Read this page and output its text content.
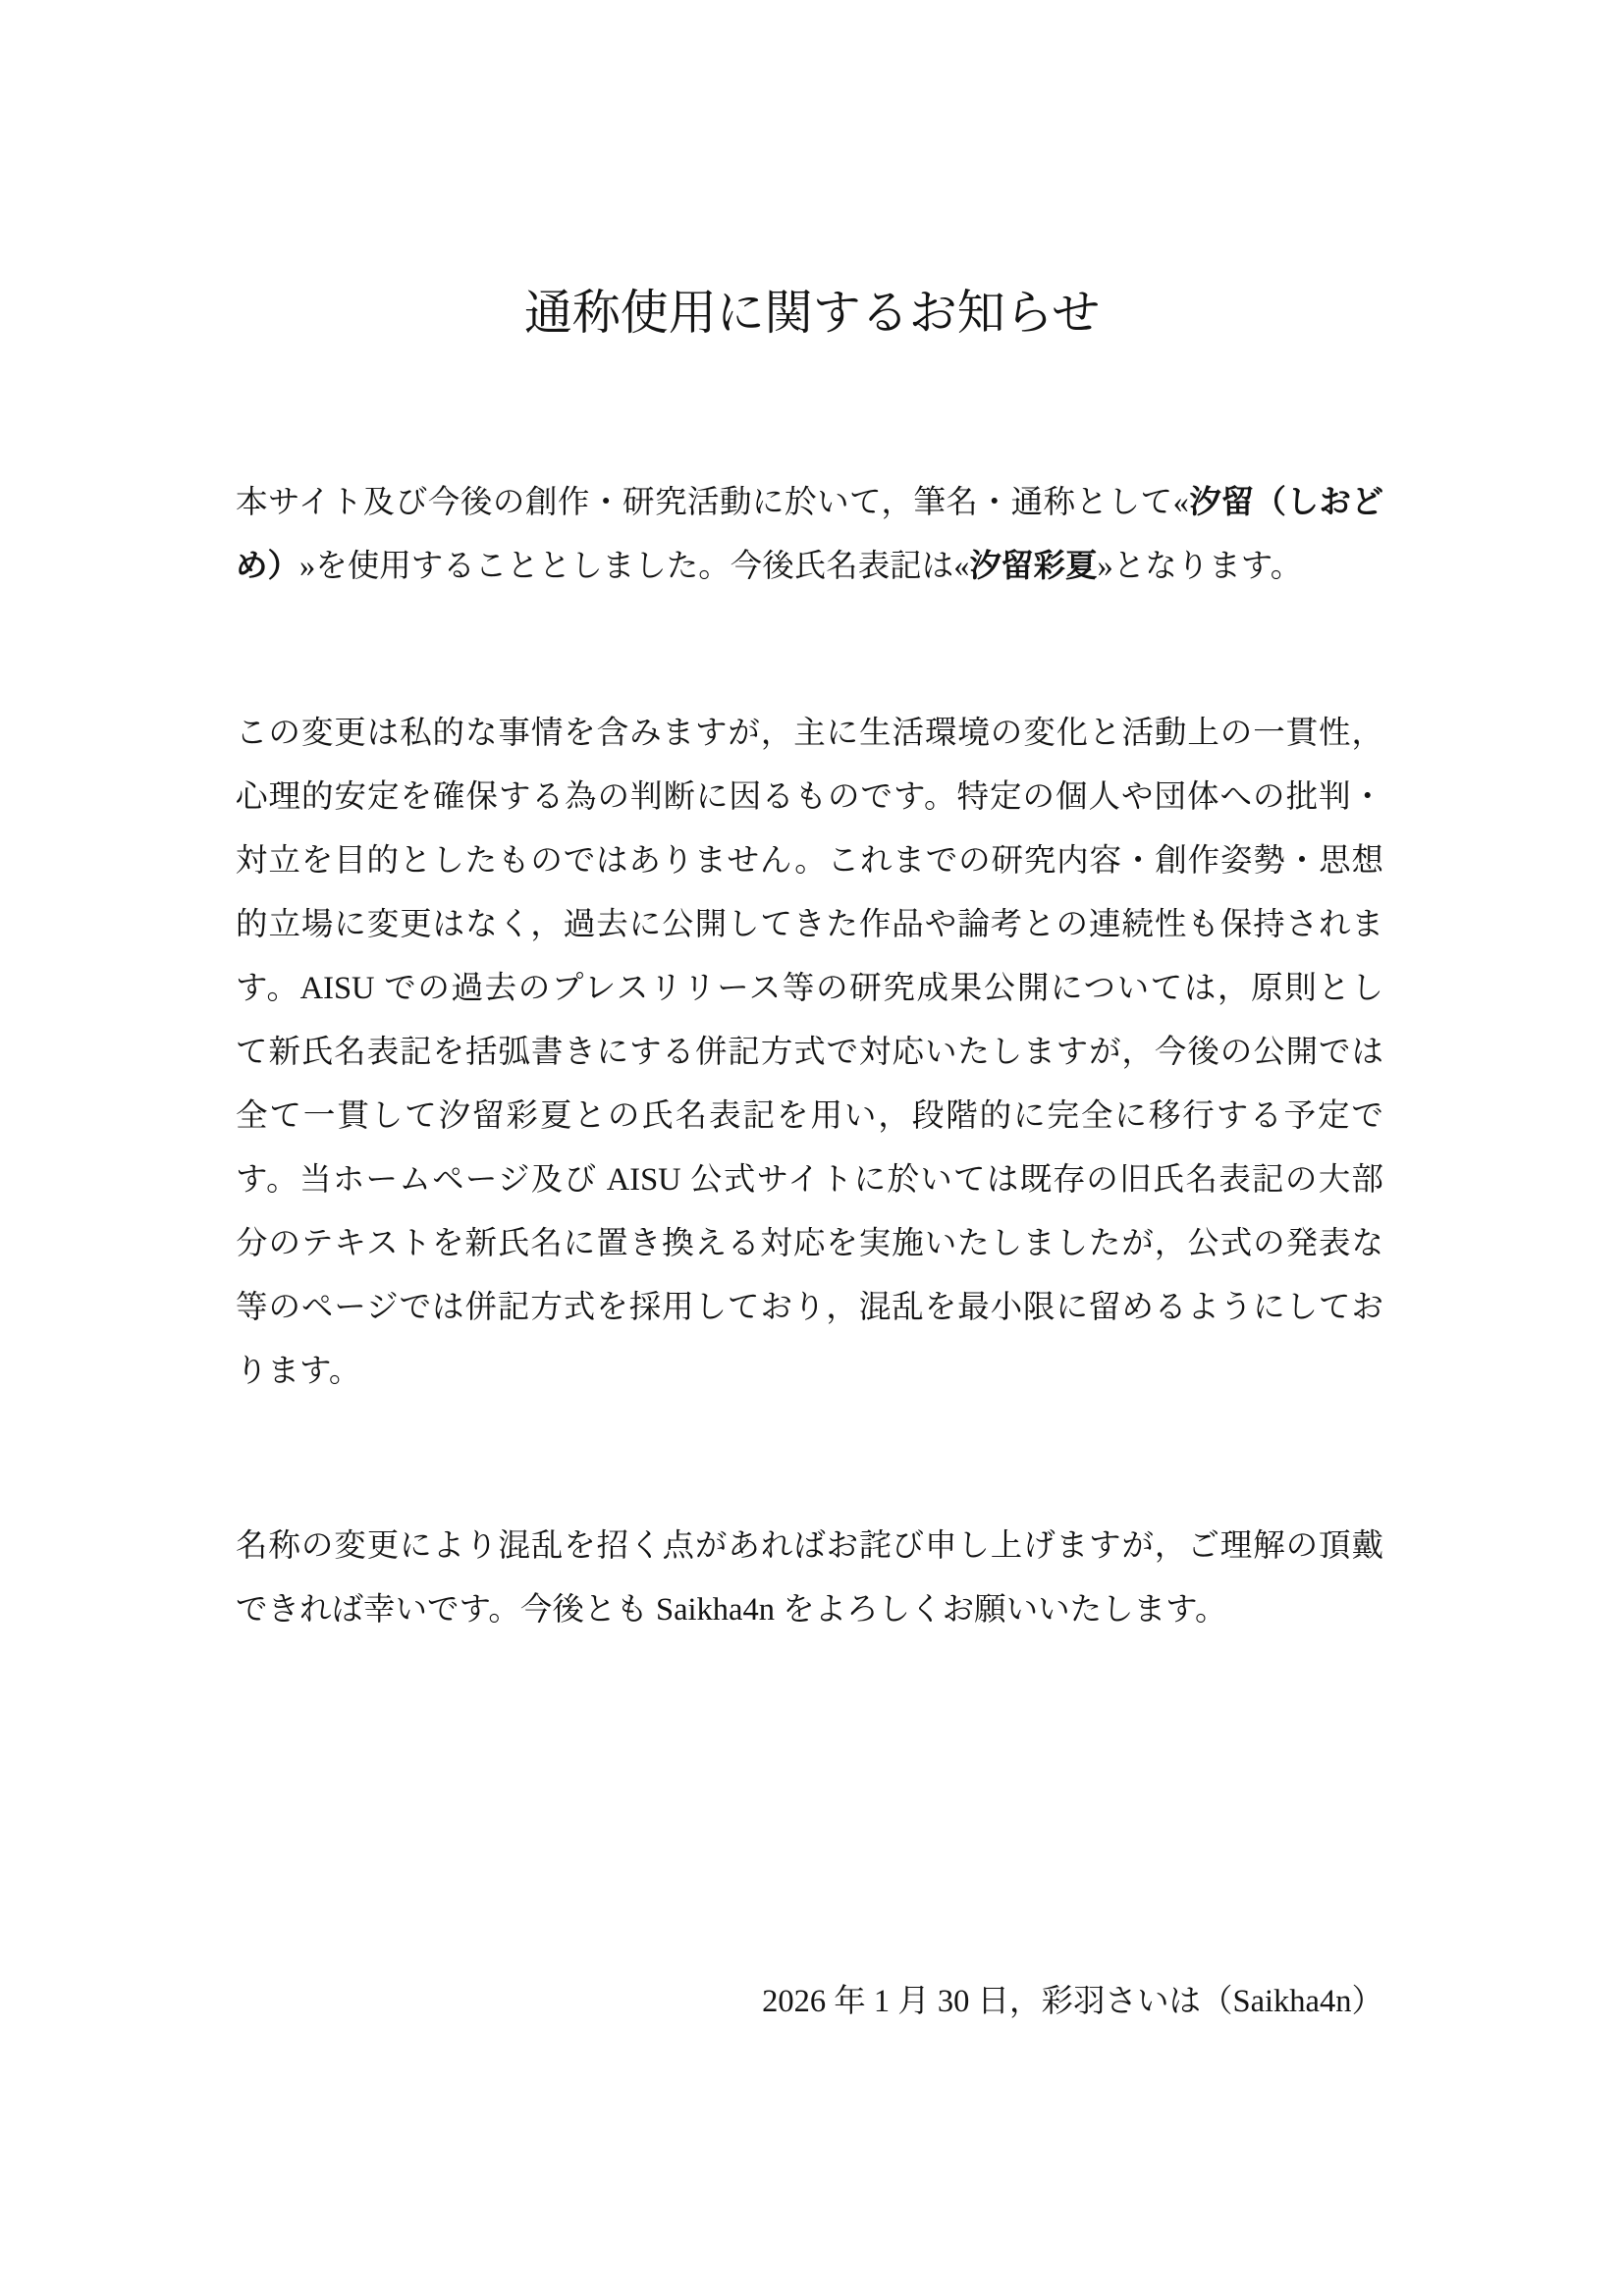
通称使用に関するお知らせ
本サイト及び今後の創作・研究活動に於いて，筆名・通称として«汐留（しおど
め）»を使用することとしました。今後氏名表記は«汐留彩夏»となります。
この変更は私的な事情を含みますが，主に生活環境の変化と活動上の一貫性，
心理的安定を確保する為の判断に因るものです。特定の個人や団体への批判・
対立を目的としたものではありません。これまでの研究内容・創作姿勢・思想
的立場に変更はなく，過去に公開してきた作品や論考との連続性も保持されま
す。AISU での過去のプレスリリース等の研究成果公開については，原則とし
て新氏名表記を括弧書きにする併記方式で対応いたしますが，今後の公開では
全て一貫して汐留彩夏との氏名表記を用い，段階的に完全に移行する予定で
す。当ホームページ及び AISU 公式サイトに於いては既存の旧氏名表記の大部
分のテキストを新氏名に置き換える対応を実施いたしましたが，公式の発表な
等のページでは併記方式を採用しており，混乱を最小限に留めるようにしてお
ります。
名称の変更により混乱を招く点があればお詫び申し上げますが，ご理解の頂戴
できれば幸いです。今後とも Saikha4n をよろしくお願いいたします。

2026 年 1 月 30 日，彩羽さいは（Saikha4n）
